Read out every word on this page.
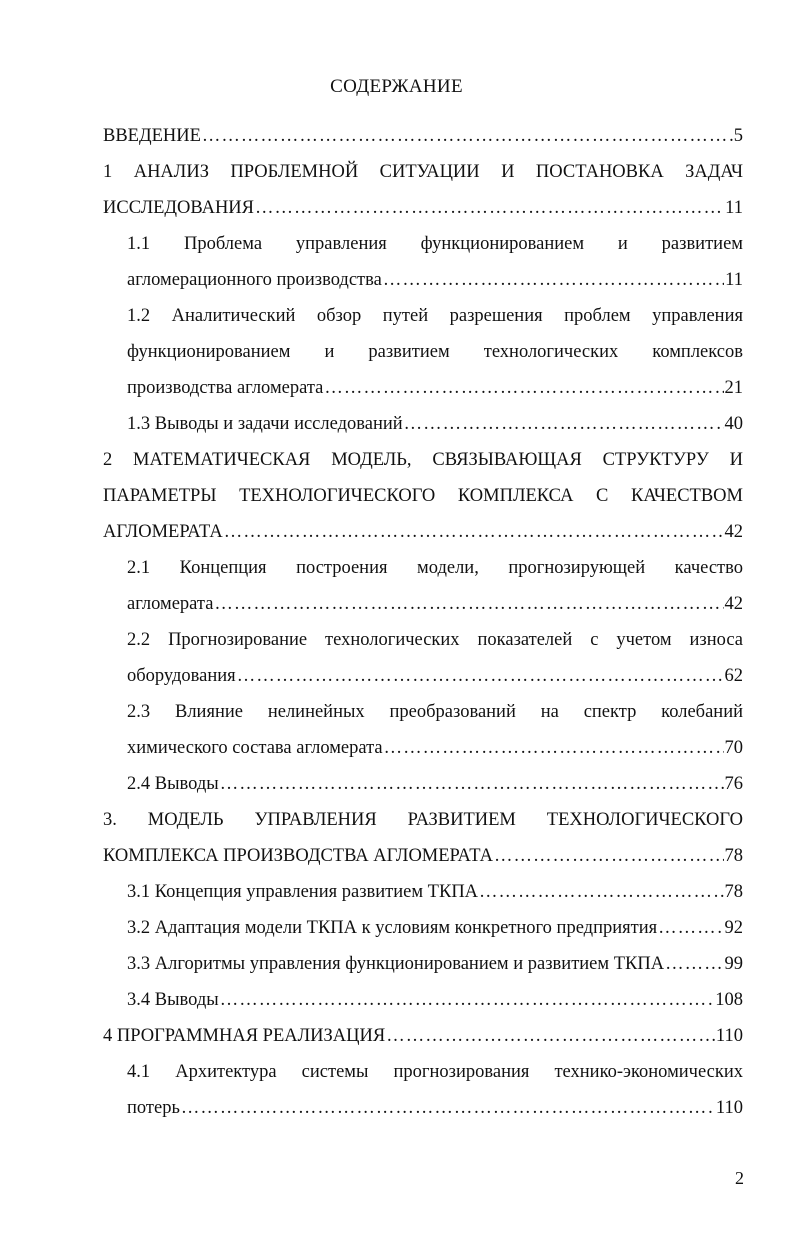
СОДЕРЖАНИЕ
ВВЕДЕНИЕ …………………………………………………………………………………………………………………………………………………………	5
1 АНАЛИЗ ПРОБЛЕМНОЙ СИТУАЦИИ И ПОСТАНОВКА ЗАДАЧ
ИССЛЕДОВАНИЯ …………………………………………………………………………………………………………………………………………………………	11
1.1 Проблема управления функционированием и развитием
агломерационного производства …………………………………………………………………………………………………………………………………………………………	11
1.2 Аналитический обзор путей разрешения проблем управления функционированием и развитием технологических комплексов
производства агломерата …………………………………………………………………………………………………………………………………………………………	21
1.3 Выводы и задачи исследований …………………………………………………………………………………………………………………………………………………………	40
2 МАТЕМАТИЧЕСКАЯ МОДЕЛЬ, СВЯЗЫВАЮЩАЯ СТРУКТУРУ И ПАРАМЕТРЫ ТЕХНОЛОГИЧЕСКОГО КОМПЛЕКСА С КАЧЕСТВОМ
АГЛОМЕРАТА …………………………………………………………………………………………………………………………………………………………	42
2.1 Концепция построения модели, прогнозирующей качество
агломерата …………………………………………………………………………………………………………………………………………………………	42
2.2 Прогнозирование технологических показателей с учетом износа
оборудования …………………………………………………………………………………………………………………………………………………………	62
2.3 Влияние нелинейных преобразований на спектр колебаний
химического состава агломерата …………………………………………………………………………………………………………………………………………………………	70
2.4 Выводы …………………………………………………………………………………………………………………………………………………………	76
3. МОДЕЛЬ УПРАВЛЕНИЯ РАЗВИТИЕМ ТЕХНОЛОГИЧЕСКОГО
КОМПЛЕКСА ПРОИЗВОДСТВА АГЛОМЕРАТА …………………………………………………………………………………………………………………………………………………………	78
3.1 Концепция управления развитием ТКПА …………………………………………………………………………………………………………………………………………………………	78
3.2 Адаптация модели ТКПА к условиям конкретного предприятия …………………………………………………………………………………………………………………………………………………………	92
3.3 Алгоритмы управления функционированием и развитием ТКПА …………………………………………………………………………………………………………………………………………………………	99
3.4 Выводы …………………………………………………………………………………………………………………………………………………………	108
4 ПРОГРАММНАЯ РЕАЛИЗАЦИЯ …………………………………………………………………………………………………………………………………………………………	110
4.1 Архитектура системы прогнозирования технико-экономических
потерь …………………………………………………………………………………………………………………………………………………………	110
2
